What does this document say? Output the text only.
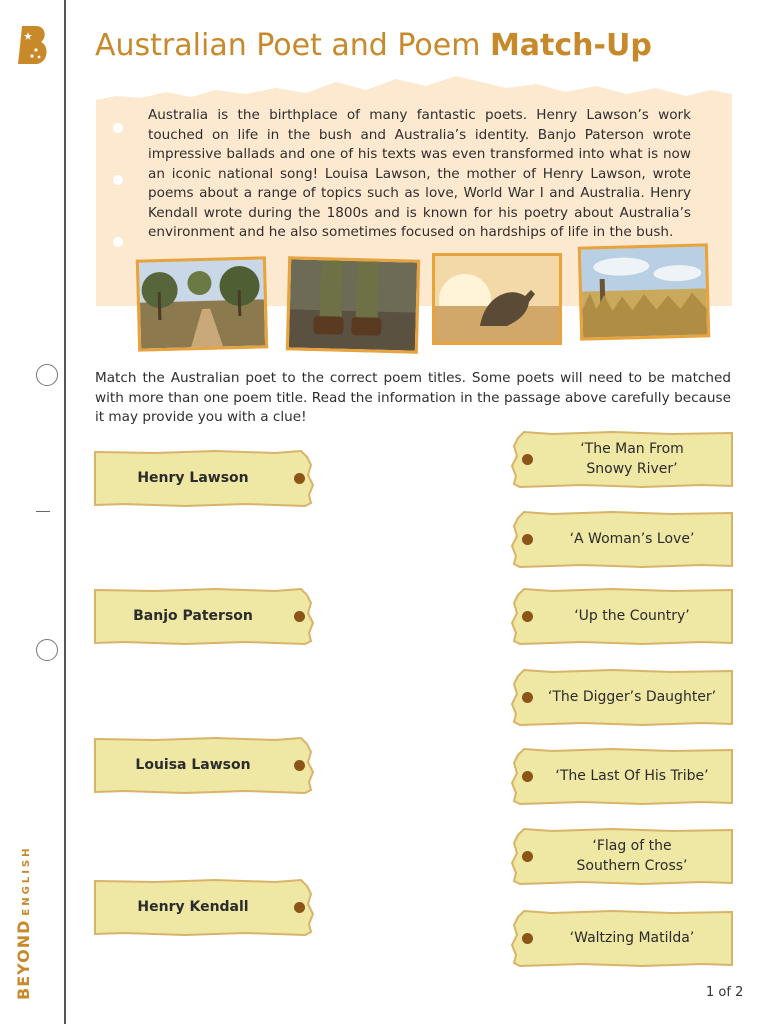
BEYONDENGLISH
Australian Poet and Poem Match-Up
Australia is the birthplace of many fantastic poets. Henry Lawson’s work touched on life in the bush and Australia’s identity. Banjo Paterson wrote impressive ballads and one of his texts was even transformed into what is now an iconic national song! Louisa Lawson, the mother of Henry Lawson, wrote poems about a range of topics such as love, World War I and Australia. Henry Kendall wrote during the 1800s and is known for his poetry about Australia’s environment and he also sometimes focused on hardships of life in the bush.
Match the Australian poet to the correct poem titles. Some poets will need to be matched with more than one poem title. Read the information in the passage above carefully because it may provide you with a clue!
Henry Lawson
Banjo Paterson
Louisa Lawson
Henry Kendall
‘The Man From
Snowy River’
‘A Woman’s Love’
‘Up the Country’
‘The Digger’s Daughter’
‘The Last Of His Tribe’
‘Flag of the
Southern Cross’
‘Waltzing Matilda’
1 of 2
